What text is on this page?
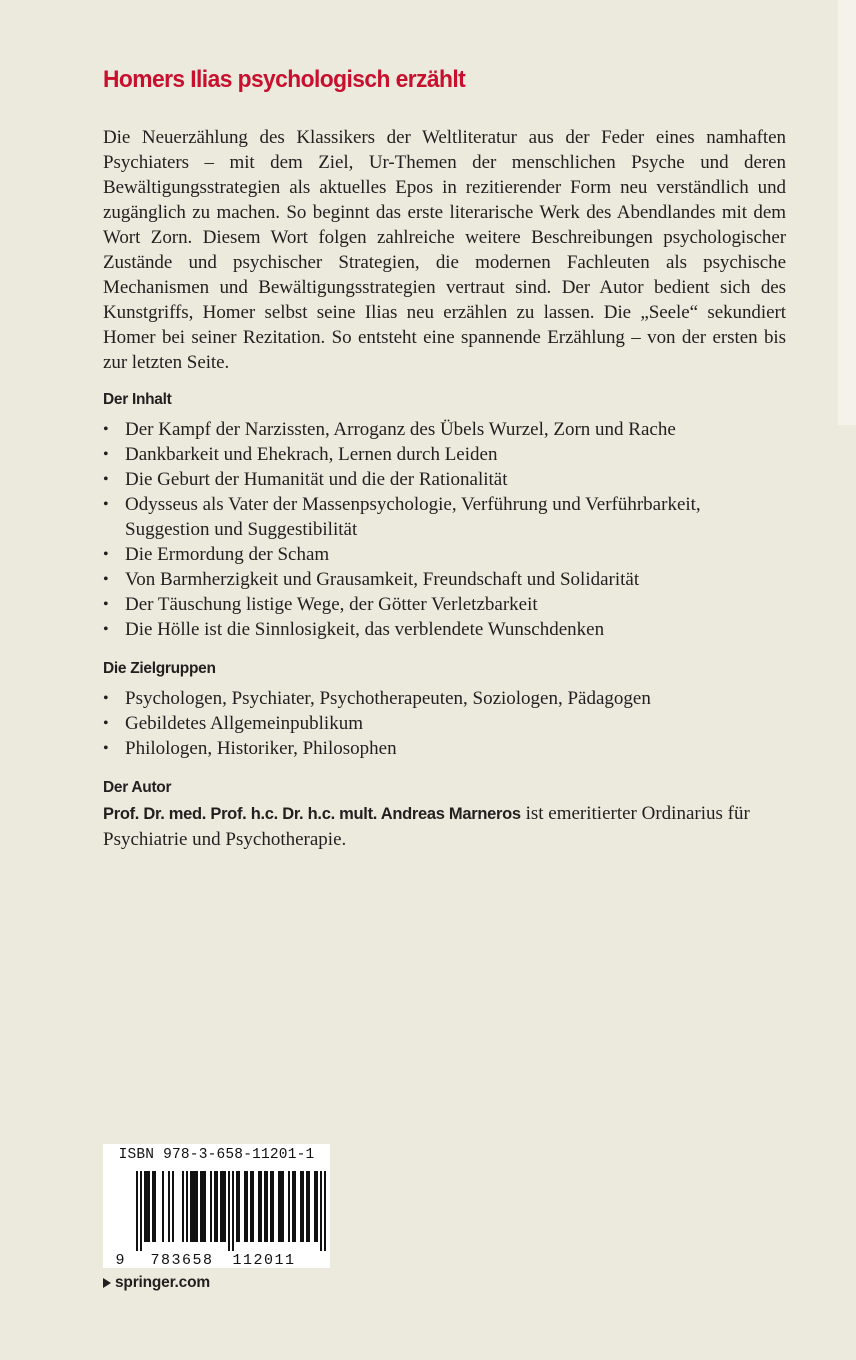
Homers Ilias psychologisch erzählt

Die Neuerzählung des Klassikers der Weltliteratur aus der Feder eines namhaften Psychiaters – mit dem Ziel, Ur-Themen der menschlichen Psyche und deren Bewältigungsstrategien als aktuelles Epos in rezitierender Form neu verständlich und zugänglich zu machen. So beginnt das erste literarische Werk des Abendlandes mit dem Wort Zorn. Diesem Wort folgen zahlreiche weitere Beschreibungen psychologischer Zustände und psychischer Strategien, die modernen Fachleuten als psychische Mechanismen und Bewältigungsstrategien vertraut sind. Der Autor bedient sich des Kunstgriffs, Homer selbst seine Ilias neu erzählen zu lassen. Die „Seele“ sekundiert Homer bei seiner Rezitation. So entsteht eine spannende Erzählung – von der ersten bis zur letzten Seite.

Der Inhalt
• Der Kampf der Narzissten, Arroganz des Übels Wurzel, Zorn und Rache
• Dankbarkeit und Ehekrach, Lernen durch Leiden
• Die Geburt der Humanität und die der Rationalität
• Odysseus als Vater der Massenpsychologie, Verführung und Verführbarkeit, Suggestion und Suggestibilität
• Die Ermordung der Scham
• Von Barmherzigkeit und Grausamkeit, Freundschaft und Solidarität
• Der Täuschung listige Wege, der Götter Verletzbarkeit
• Die Hölle ist die Sinnlosigkeit, das verblendete Wunschdenken
Die Zielgruppen
• Psychologen, Psychiater, Psychotherapeuten, Soziologen, Pädagogen
• Gebildetes Allgemeinpublikum
• Philologen, Historiker, Philosophen
Der Autor

Prof. Dr. med. Prof. h.c. Dr. h.c. mult. Andreas Marneros ist emeritierter Ordinarius für Psychiatrie und Psychotherapie.

ISBN 978-3-658-11201-1
9 783658 112011
springer.com
